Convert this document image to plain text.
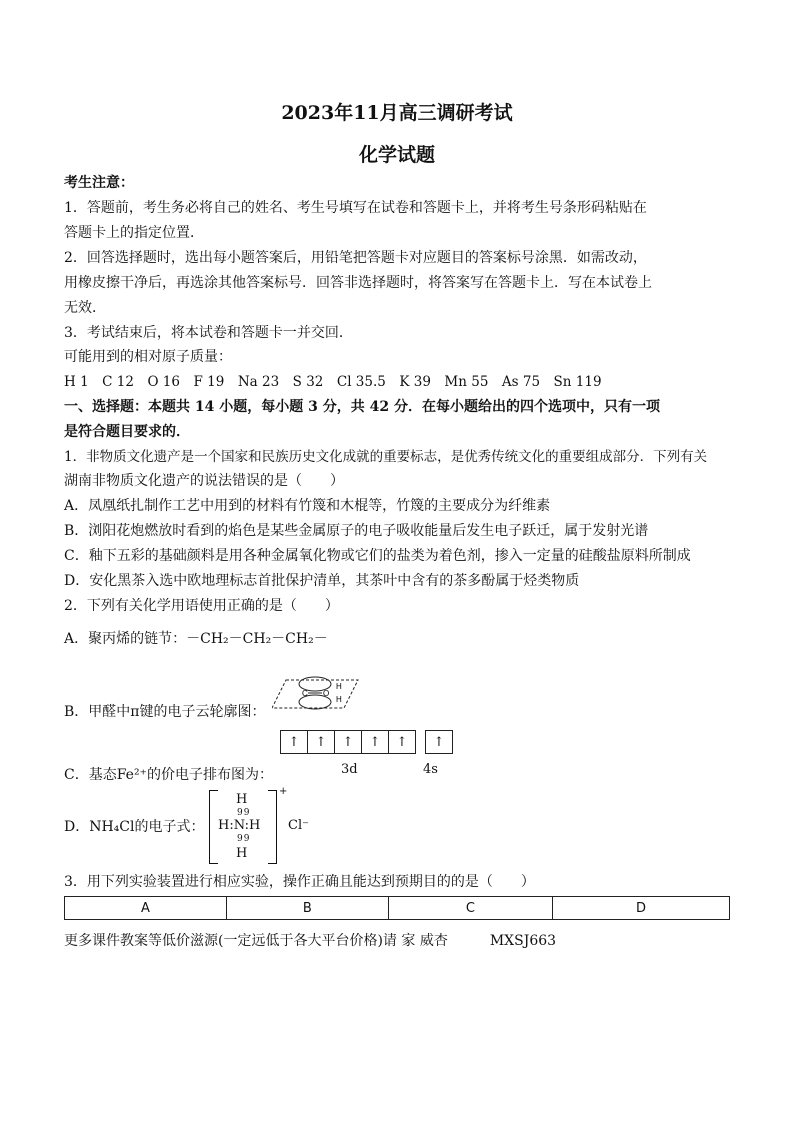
2023年11月高三调研考试
化学试题
考生注意：
1．答题前，考生务必将自己的姓名、考生号填写在试卷和答题卡上，并将考生号条形码粘贴在
答题卡上的指定位置．
2．回答选择题时，选出每小题答案后，用铅笔把答题卡对应题目的答案标号涂黑．如需改动，
用橡皮擦干净后，再选涂其他答案标号．回答非选择题时，将答案写在答题卡上．写在本试卷上
无效．
3．考试结束后，将本试卷和答题卡一并交回．
可能用到的相对原子质量：
H 1　C 12　O 16　F 19　Na 23　S 32　Cl 35.5　K 39　Mn 55　As 75　Sn 119
一、选择题：本题共 14 小题，每小题 3 分，共 42 分．在每小题给出的四个选项中，只有一项
是符合题目要求的．
1．非物质文化遗产是一个国家和民族历史文化成就的重要标志，是优秀传统文化的重要组成部分．下列有关
湖南非物质文化遗产的说法错误的是（　　）
A．凤凰纸扎制作工艺中用到的材料有竹篾和木棍等，竹篾的主要成分为纤维素
B．浏阳花炮燃放时看到的焰色是某些金属原子的电子吸收能量后发生电子跃迁，属于发射光谱
C．釉下五彩的基础颜料是用各种金属氧化物或它们的盐类为着色剂，掺入一定量的硅酸盐原料所制成
D．安化黑茶入选中欧地理标志首批保护清单，其茶叶中含有的茶多酚属于烃类物质
2．下列有关化学用语使用正确的是（　　）
A．聚丙烯的链节：－CH₂－CH₂－CH₂－
B．甲醛中π键的电子云轮廓图：
C O
H
H
↑	↑	↑	↑	↑	↑
3d	4s
C．基态Fe²⁺的价电子排布图为：
D．NH₄Cl的电子式：
H
99
H:N:H
99
H
+
Cl⁻
3．用下列实验装置进行相应实验，操作正确且能达到预期目的的是（　　）
A	B	C	D
更多课件教案等低价滋源(一定远低于各大平台价格)请 家 威杏　　　MXSJ663
